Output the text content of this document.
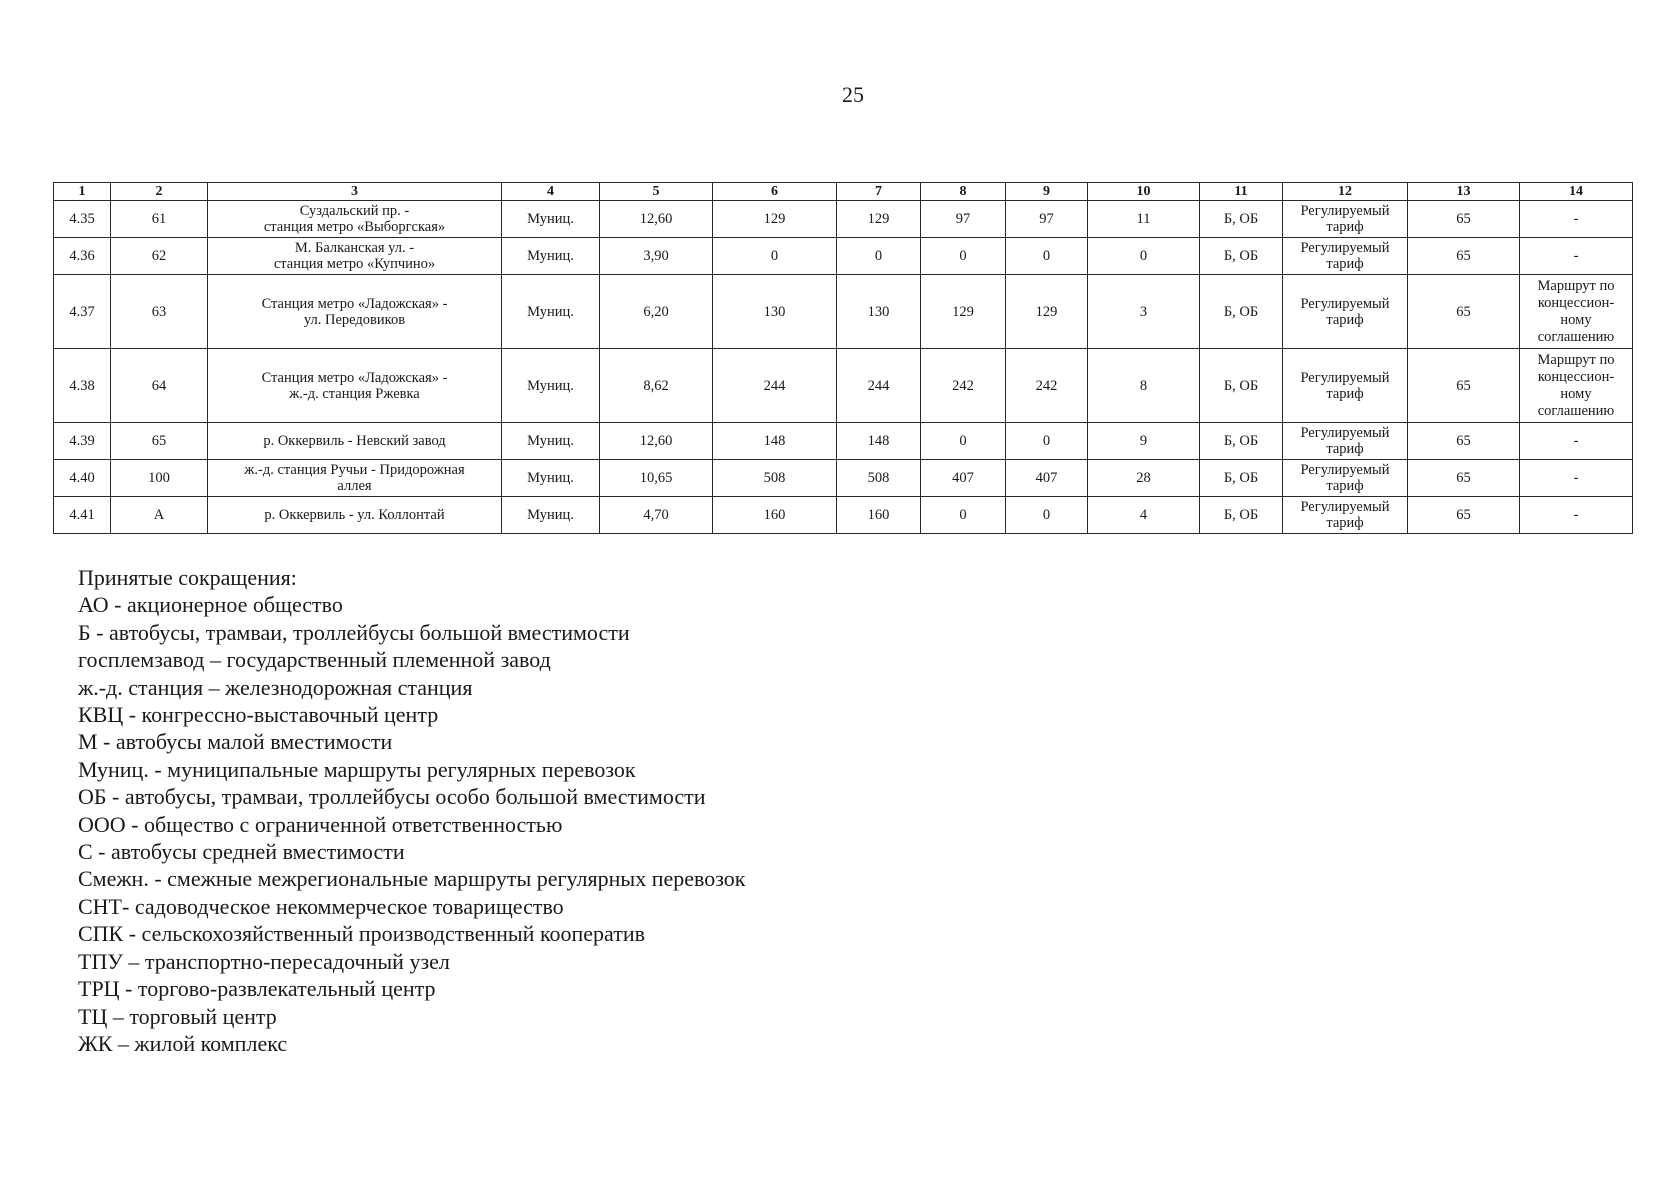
25
1	2	3	4	5	6	7	8	9	10	11	12	13	14
4.35	61	Суздальский пр. -
станция метро «Выборгская»	Муниц.	12,60	129	129	97	97	11	Б, ОБ	Регулируемый
тариф	65	-
4.36	62	М. Балканская ул. -
станция метро «Купчино»	Муниц.	3,90	0	0	0	0	0	Б, ОБ	Регулируемый
тариф	65	-
4.37	63	Станция метро «Ладожская» -
ул. Передовиков	Муниц.	6,20	130	130	129	129	3	Б, ОБ	Регулируемый
тариф	65	Маршрут по
концессион-
ному
соглашению
4.38	64	Станция метро «Ладожская» -
ж.-д. станция Ржевка	Муниц.	8,62	244	244	242	242	8	Б, ОБ	Регулируемый
тариф	65	Маршрут по
концессион-
ному
соглашению
4.39	65	р. Оккервиль - Невский завод	Муниц.	12,60	148	148	0	0	9	Б, ОБ	Регулируемый
тариф	65	-
4.40	100	ж.-д. станция Ручьи - Придорожная
аллея	Муниц.	10,65	508	508	407	407	28	Б, ОБ	Регулируемый
тариф	65	-
4.41	А	р. Оккервиль - ул. Коллонтай	Муниц.	4,70	160	160	0	0	4	Б, ОБ	Регулируемый
тариф	65	-
Принятые сокращения:
АО - акционерное общество
Б - автобусы, трамваи, троллейбусы большой вместимости
госплемзавод – государственный племенной завод
ж.-д. станция – железнодорожная станция
КВЦ - конгрессно-выставочный центр
М - автобусы малой вместимости
Муниц. - муниципальные маршруты регулярных перевозок
ОБ - автобусы, трамваи, троллейбусы особо большой вместимости
ООО - общество с ограниченной ответственностью
С - автобусы средней вместимости
Смежн. - смежные межрегиональные маршруты регулярных перевозок
СНТ- садоводческое некоммерческое товарищество
СПК - сельскохозяйственный производственный кооператив
ТПУ – транспортно-пересадочный узел
ТРЦ - торгово-развлекательный центр
ТЦ – торговый центр
ЖК – жилой комплекс
